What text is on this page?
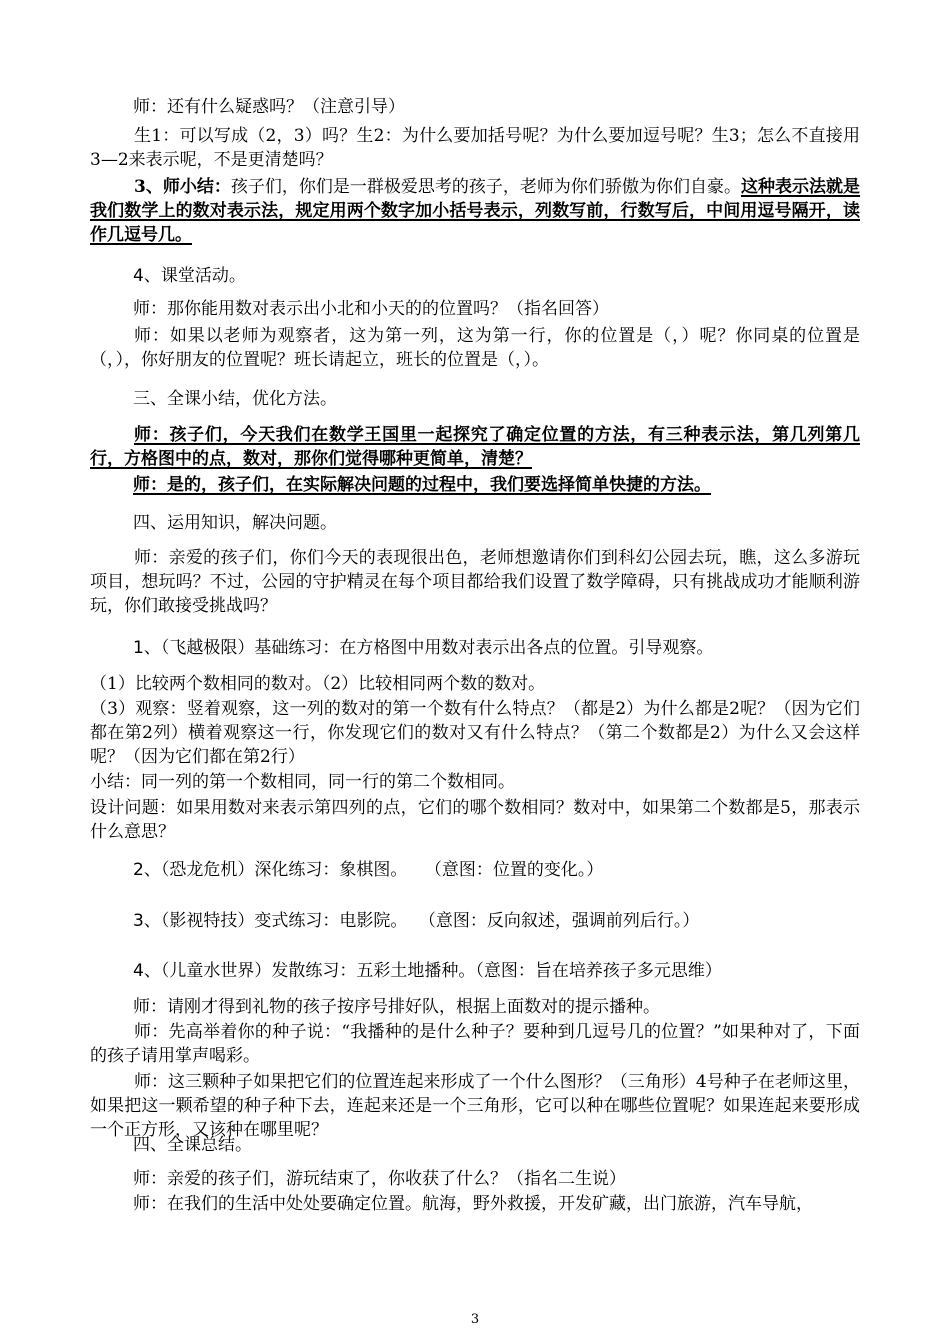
师：还有什么疑惑吗？（注意引导）

生1：可以写成（2，3）吗？生2：为什么要加括号呢？为什么要加逗号呢？生3；怎么不直接用3—2来表示呢，不是更清楚吗？

3、师小结：孩子们，你们是一群极爱思考的孩子，老师为你们骄傲为你们自豪。这种表示法就是我们数学上的数对表示法，规定用两个数字加小括号表示，列数写前，行数写后，中间用逗号隔开，读作几逗号几。

4、课堂活动。

师：那你能用数对表示出小北和小天的的位置吗？（指名回答）

师：如果以老师为观察者，这为第一列，这为第一行，你的位置是（，）呢？你同桌的位置是（，），你好朋友的位置呢？班长请起立，班长的位置是（，）。

三、全课小结，优化方法。

师：孩子们，今天我们在数学王国里一起探究了确定位置的方法，有三种表示法，第几列第几行，方格图中的点，数对，那你们觉得哪种更简单，清楚？

师：是的，孩子们，在实际解决问题的过程中，我们要选择简单快捷的方法。

四、运用知识，解决问题。

师：亲爱的孩子们，你们今天的表现很出色，老师想邀请你们到科幻公园去玩，瞧，这么多游玩项目，想玩吗？不过，公园的守护精灵在每个项目都给我们设置了数学障碍，只有挑战成功才能顺利游玩，你们敢接受挑战吗？

1、（飞越极限）基础练习：在方格图中用数对表示出各点的位置。引导观察。

（1）比较两个数相同的数对。（2）比较相同两个数的数对。

（3）观察：竖着观察，这一列的数对的第一个数有什么特点？（都是2）为什么都是2呢？（因为它们都在第2列）横着观察这一行，你发现它们的数对又有什么特点？（第二个数都是2）为什么又会这样呢？（因为它们都在第2行）

小结：同一列的第一个数相同，同一行的第二个数相同。

设计问题：如果用数对来表示第四列的点，它们的哪个数相同？数对中，如果第二个数都是5，那表示什么意思？

2、（恐龙危机）深化练习：象棋图。 （意图：位置的变化。）

3、（影视特技）变式练习：电影院。 （意图：反向叙述，强调前列后行。）

4、（儿童水世界）发散练习：五彩土地播种。（意图：旨在培养孩子多元思维）

师：请刚才得到礼物的孩子按序号排好队，根据上面数对的提示播种。

师：先高举着你的种子说：“我播种的是什么种子？要种到几逗号几的位置？”如果种对了，下面的孩子请用掌声喝彩。

师：这三颗种子如果把它们的位置连起来形成了一个什么图形？（三角形）4号种子在老师这里，如果把这一颗希望的种子种下去，连起来还是一个三角形，它可以种在哪些位置呢？如果连起来要形成一个正方形，又该种在哪里呢？

四、全课总结。

师：亲爱的孩子们，游玩结束了，你收获了什么？（指名二生说）

师：在我们的生活中处处要确定位置。航海，野外救援，开发矿藏，出门旅游，汽车导航，

3
